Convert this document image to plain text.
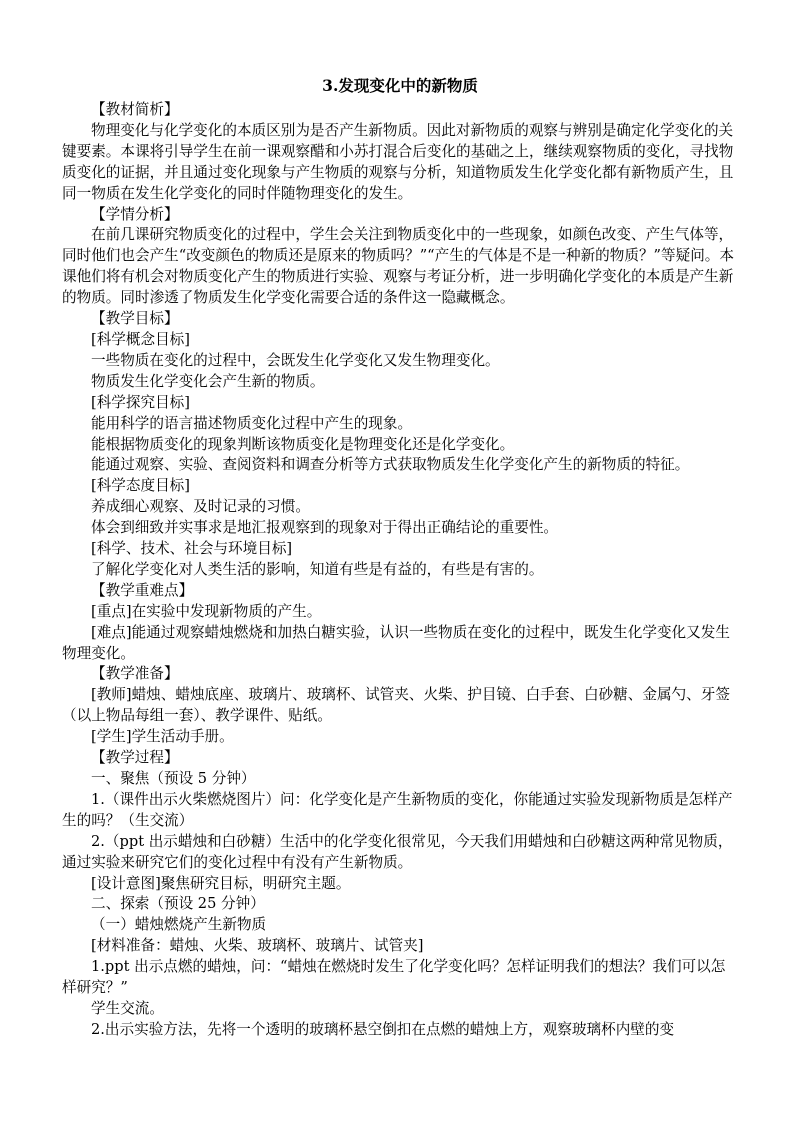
3.发现变化中的新物质
【教材简析】
物理变化与化学变化的本质区别为是否产生新物质。因此对新物质的观察与辨别是确定化学变化的关键要素。本课将引导学生在前一课观察醋和小苏打混合后变化的基础之上，继续观察物质的变化，寻找物质变化的证据，并且通过变化现象与产生物质的观察与分析，知道物质发生化学变化都有新物质产生，且同一物质在发生化学变化的同时伴随物理变化的发生。
【学情分析】
在前几课研究物质变化的过程中，学生会关注到物质变化中的一些现象，如颜色改变、产生气体等，同时他们也会产生“改变颜色的物质还是原来的物质吗？”“产生的气体是不是一种新的物质？”等疑问。本课他们将有机会对物质变化产生的物质进行实验、观察与考证分析，进一步明确化学变化的本质是产生新的物质。同时渗透了物质发生化学变化需要合适的条件这一隐藏概念。
【教学目标】
[科学概念目标]
一些物质在变化的过程中，会既发生化学变化又发生物理变化。
物质发生化学变化会产生新的物质。
[科学探究目标]
能用科学的语言描述物质变化过程中产生的现象。
能根据物质变化的现象判断该物质变化是物理变化还是化学变化。
能通过观察、实验、查阅资料和调查分析等方式获取物质发生化学变化产生的新物质的特征。
[科学态度目标]
养成细心观察、及时记录的习惯。
体会到细致并实事求是地汇报观察到的现象对于得出正确结论的重要性。
[科学、技术、社会与环境目标]
了解化学变化对人类生活的影响，知道有些是有益的，有些是有害的。
【教学重难点】
[重点]在实验中发现新物质的产生。
[难点]能通过观察蜡烛燃烧和加热白糖实验，认识一些物质在变化的过程中，既发生化学变化又发生物理变化。
【教学准备】
[教师]蜡烛、蜡烛底座、玻璃片、玻璃杯、试管夹、火柴、护目镜、白手套、白砂糖、金属勺、牙签（以上物品每组一套）、教学课件、贴纸。
[学生]学生活动手册。
【教学过程】
一、聚焦（预设 5 分钟）
1.（课件出示火柴燃烧图片）问：化学变化是产生新物质的变化，你能通过实验发现新物质是怎样产生的吗？（生交流）
2.（ppt 出示蜡烛和白砂糖）生活中的化学变化很常见，今天我们用蜡烛和白砂糖这两种常见物质，通过实验来研究它们的变化过程中有没有产生新物质。
[设计意图]聚焦研究目标，明研究主题。
二、探索（预设 25 分钟）
（一）蜡烛燃烧产生新物质
[材料准备：蜡烛、火柴、玻璃杯、玻璃片、试管夹]
1.ppt 出示点燃的蜡烛，问：“蜡烛在燃烧时发生了化学变化吗？怎样证明我们的想法？我们可以怎样研究？”
学生交流。
2.出示实验方法，先将一个透明的玻璃杯悬空倒扣在点燃的蜡烛上方，观察玻璃杯内壁的变
